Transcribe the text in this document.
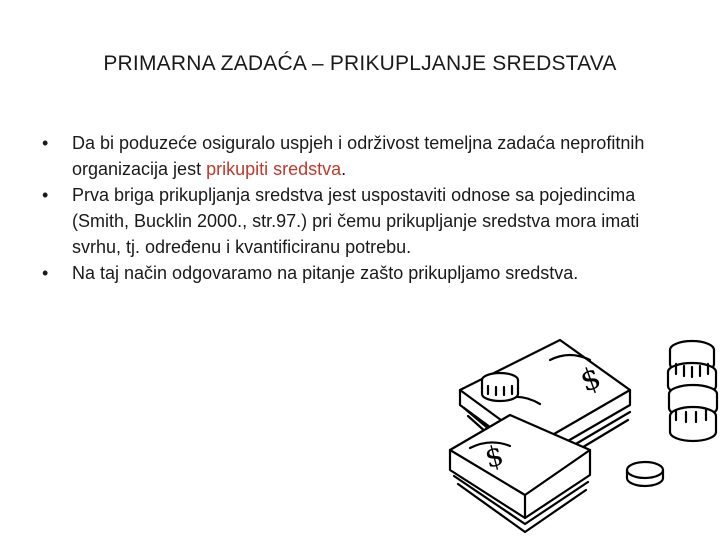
PRIMARNA ZADAĆA – PRIKUPLJANJE SREDSTAVA
• Da bi poduzeće osiguralo uspjeh i održivost temeljna zadaća neprofitnih organizacija jest prikupiti sredstva.
• Prva briga prikupljanja sredstva jest uspostaviti odnose sa pojedincima (Smith, Bucklin 2000., str.97.) pri čemu prikupljanje sredstva mora imati svrhu, tj. određenu i kvantificiranu potrebu.
• Na taj način odgovaramo na pitanje zašto prikupljamo sredstva.
$
$
